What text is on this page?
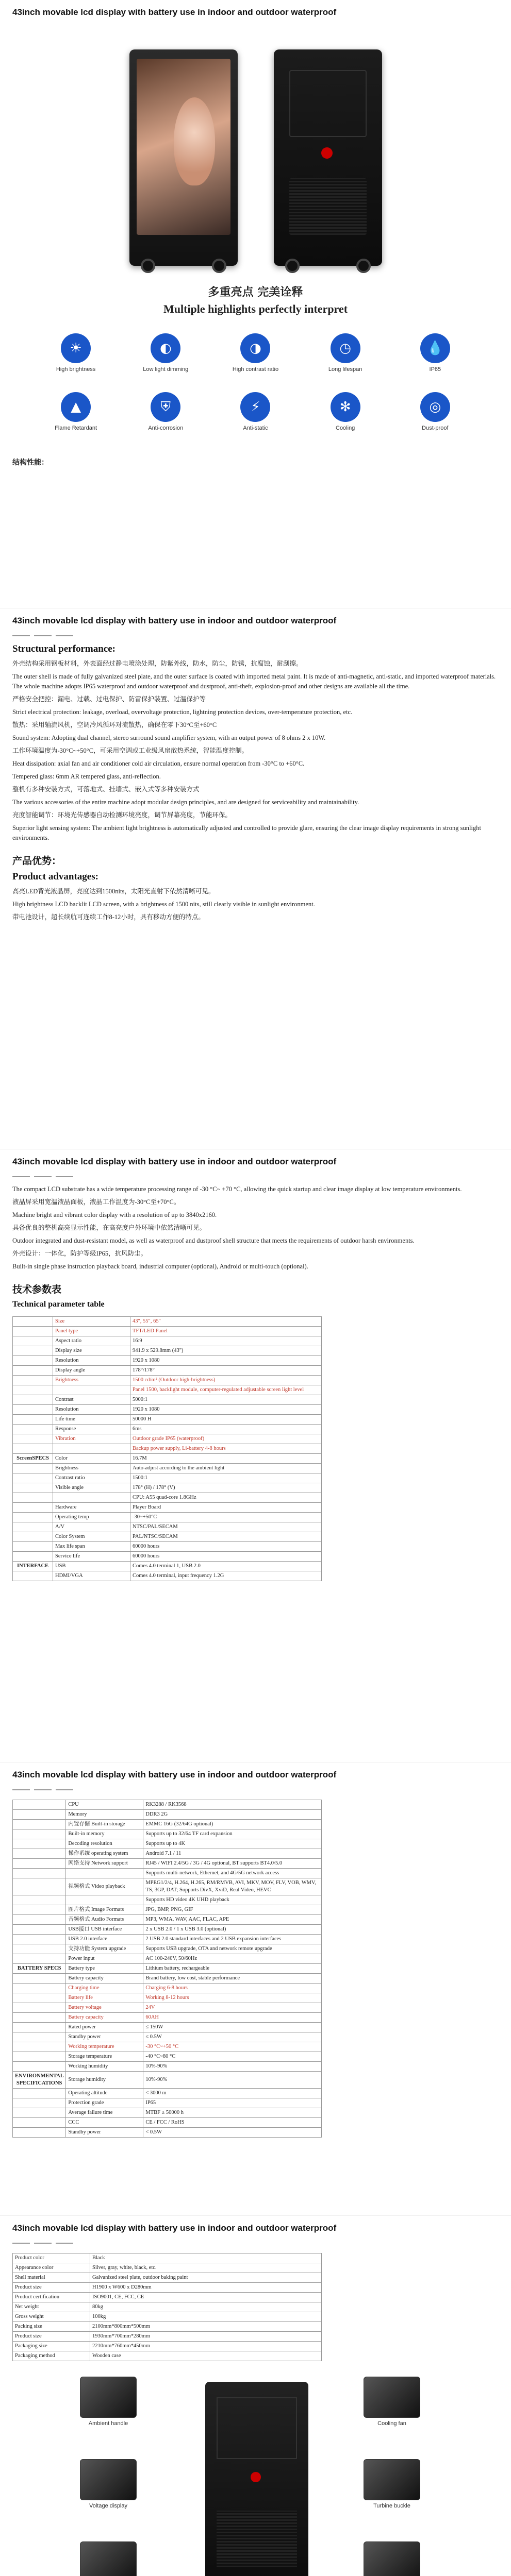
43inch movable lcd display with battery use in indoor and outdoor waterproof
多重亮点 完美诠释
Multiple highlights perfectly interpret
☀
High brightness
◐
Low light dimming
◑
High contrast ratio
◷
Long lifespan
💧
IP65
▲
Flame Retardant
⛨
Anti-corrosion
⚡
Anti-static
✻
Cooling
◎
Dust-proof
结构性能：
43inch movable lcd display with battery use in indoor and outdoor waterproof
Structural performance:
外壳结构采用钢板材料，外表面经过静电喷涂处理，防紫外线，防水，防尘，防锈，抗腐蚀，耐刮擦。
The outer shell is made of fully galvanized steel plate, and the outer surface is coated with imported metal paint. It is made of anti-magnetic, anti-static, and imported waterproof materials. The whole machine adopts IP65 waterproof and outdoor waterproof and dustproof, anti-theft, explosion-proof and other designs are available all the time.
严格安全把控：漏电、过载、过电保护、防雷保护装置、过温保护等
Strict electrical protection: leakage, overload, overvoltage protection, lightning protection devices, over-temperature protection, etc.
散热：采用轴流风机，空调冷风循环对流散热，确保在零下30°C至+60°C
Sound system: Adopting dual channel, stereo surround sound amplifier system, with an output power of 8 ohms 2 x 10W.
工作环境温度为-30°C~+50°C，可采用空调或工业级风扇散热系统，智能温度控制。
Heat dissipation: axial fan and air conditioner cold air circulation, ensure normal operation from -30°C to +60°C.
Tempered glass: 6mm AR tempered glass, anti-reflection.
整机有多种安装方式，可落地式、挂墙式、嵌入式等多种安装方式
The various accessories of the entire machine adopt modular design principles, and are designed for serviceability and maintainability.
亮度智能调节：环境光传感器自动检测环境亮度，调节屏幕亮度，节能环保。
Superior light sensing system: The ambient light brightness is automatically adjusted and controlled to provide glare, ensuring the clear image display requirements in strong sunlight environments.
产品优势：
Product advantages:
高亮LED背光液晶屏，亮度达到1500nits，太阳光直射下依然清晰可见。
High brightness LCD backlit LCD screen, with a brightness of 1500 nits, still clearly visible in sunlight environment.
带电池设计，超长续航可连续工作8-12小时，具有移动方便的特点。
43inch movable lcd display with battery use in indoor and outdoor waterproof
The compact LCD substrate has a wide temperature processing range of -30 °C~ +70 °C, allowing the quick startup and clear image display at low temperature environments.
液晶屏采用宽温液晶面板，液晶工作温度为-30°C至+70°C。
Machine bright and vibrant color display with a resolution of up to 3840x2160.
具备优良的整机高亮显示性能，在高亮度户外环境中依然清晰可见。
Outdoor integrated and dust-resistant model, as well as waterproof and dustproof shell structure that meets the requirements of outdoor harsh environments.
外壳设计：一体化，防护等级IP65，抗风防尘。
Built-in single phase instruction playback board, industrial computer (optional), Android or multi-touch (optional).
技术参数表
Technical parameter table
	Size	43", 55", 65"
	Panel type	TFT/LED Panel
	Aspect ratio	16:9
	Display size	941.9 x 529.8mm (43")
	Resolution	1920 x 1080
	Display angle	178°/178°
	Brightness	1500 cd/m² (Outdoor high-brightness)
		Panel 1500, backlight module, computer-regulated adjustable screen light level
	Contrast	5000:1
	Resolution	1920 x 1080
	Life time	50000 H
	Response	6ms
	Vibration	Outdoor grade IP65 (waterproof)
		Backup power supply, Li-battery 4-8 hours
ScreenSPECS	Color	16.7M
	Brightness	Auto-adjust according to the ambient light
	Contrast ratio	1500:1
	Visible angle	178° (H) / 178° (V)
		CPU: A55 quad-core 1.8GHz
	Hardware	Player Board
	Operating temp	-30~+50°C
	A/V	NTSC/PAL/SECAM
	Color System	PAL/NTSC/SECAM
	Max life span	60000 hours
	Service life	60000 hours
INTERFACE	USB	Comes 4.0 terminal 1, USB 2.0
	HDMI/VGA	Comes 4.0 terminal, input frequency 1.2G
43inch movable lcd display with battery use in indoor and outdoor waterproof
	CPU	RK3288 / RK3568
	Memory	DDR3 2G
	内置存储 Built-in storage	EMMC 16G (32/64G optional)
	Built-in memory	Supports up to 32/64 TF card expansion
	Decoding resolution	Supports up to 4K
	操作系统 operating system	Android 7.1 / 11
	网络支持 Network support	RJ45 / WIFI 2.4/5G / 3G / 4G optional, BT supports BT4.0/5.0
		Supports multi-network, Ethernet, and 4G/5G network access
	视频格式 Video playback	MPEG1/2/4, H.264, H.265, RM/RMVB, AVI, MKV, MOV, FLV, VOB, WMV, TS, 3GP, DAT; Supports DivX, XviD, Real Video, HEVC
		Supports HD video 4K UHD playback
	图片格式 Image Formats	JPG, BMP, PNG, GIF
	音频格式 Audio Formats	MP3, WMA, WAV, AAC, FLAC, APE
	USB接口 USB interface	2 x USB 2.0 / 1 x USB 3.0 (optional)
	USB 2.0 interface	2 USB 2.0 standard interfaces and 2 USB expansion interfaces
	支持功能 System upgrade	Supports USB upgrade, OTA and network remote upgrade
	Power input	AC 100-240V, 50/60Hz
BATTERY SPECS	Battery type	Lithium battery, rechargeable
	Battery capacity	Brand battery, low cost, stable performance
	Charging time	Charging 6-8 hours
	Battery life	Working 8-12 hours
	Battery voltage	24V
	Battery capacity	60AH
	Rated power	≤ 150W
	Standby power	≤ 0.5W
	Working temperature	-30 °C~+50 °C
	Storage temperature	-40 °C~80 °C
	Working humidity	10%-90%
ENVIRONMENTAL SPECIFICATIONS	Storage humidity	10%-90%
	Operating altitude	< 3000 m
	Protection grade	IP65
	Average failure time	MTBF ≥ 50000 h
	CCC	CE / FCC / RoHS
	Standby power	< 0.5W
43inch movable lcd display with battery use in indoor and outdoor waterproof
Product color	Black
Appearance color	Silver, gray, white, black, etc.
Shell material	Galvanized steel plate, outdoor baking paint
Product size	H1900 x W600 x D280mm
Product certification	ISO9001, CE, FCC, CE
Net weight	80kg
Gross weight	100kg
Packing size	2100mm*800mm*500mm
Product size	1930mm*700mm*280mm
Packaging size	2210mm*760mm*450mm
Packaging method	Wooden case
Ambient handle	Cooling fan
Voltage display	Turbine buckle
